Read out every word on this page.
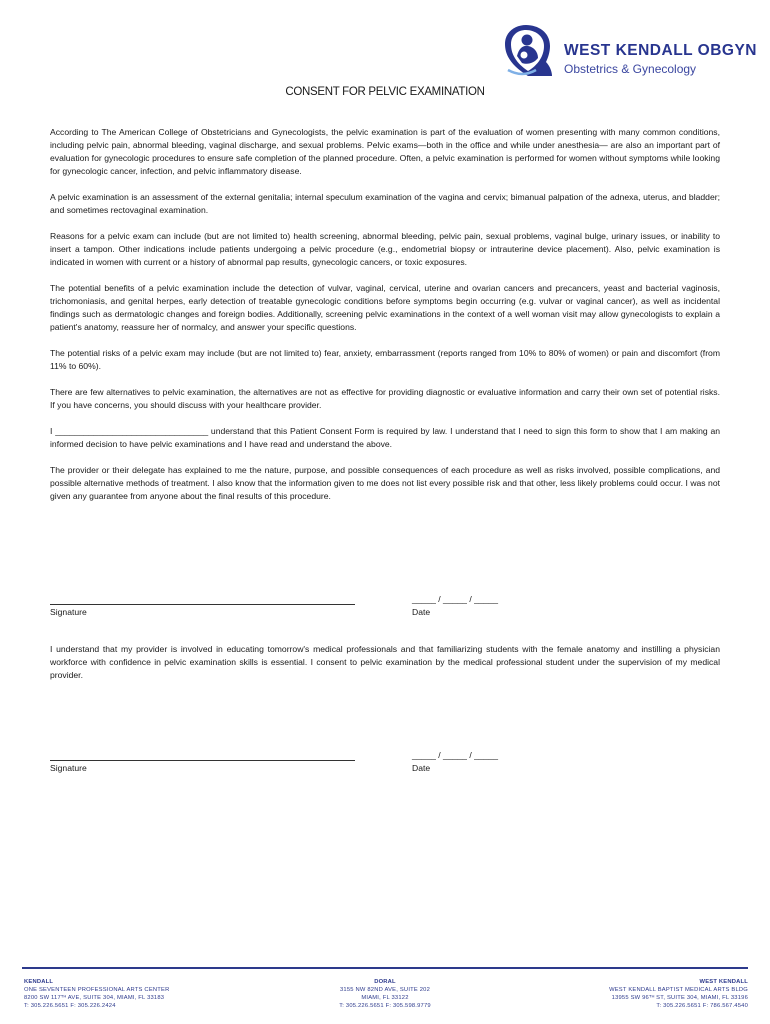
WEST KENDALL OBGYN
Obstetrics & Gynecology
CONSENT FOR PELVIC EXAMINATION

According to The American College of Obstetricians and Gynecologists, the pelvic examination is part of the evaluation of women presenting with many common conditions, including pelvic pain, abnormal bleeding, vaginal discharge, and sexual problems. Pelvic exams—both in the office and while under anesthesia— are also an important part of evaluation for gynecologic procedures to ensure safe completion of the planned procedure. Often, a pelvic examination is performed for women without symptoms while looking for gynecologic cancer, infection, and pelvic inflammatory disease.

A pelvic examination is an assessment of the external genitalia; internal speculum examination of the vagina and cervix; bimanual palpation of the adnexa, uterus, and bladder; and sometimes rectovaginal examination.

Reasons for a pelvic exam can include (but are not limited to) health screening, abnormal bleeding, pelvic pain, sexual problems, vaginal bulge, urinary issues, or inability to insert a tampon. Other indications include patients undergoing a pelvic procedure (e.g., endometrial biopsy or intrauterine device placement). Also, pelvic examination is indicated in women with current or a history of abnormal pap results, gynecologic cancers, or toxic exposures.

The potential benefits of a pelvic examination include the detection of vulvar, vaginal, cervical, uterine and ovarian cancers and precancers, yeast and bacterial vaginosis, trichomoniasis, and genital herpes, early detection of treatable gynecologic conditions before symptoms begin occurring (e.g. vulvar or vaginal cancer), as well as incidental findings such as dermatologic changes and foreign bodies. Additionally, screening pelvic examinations in the context of a well woman visit may allow gynecologists to explain a patient's anatomy, reassure her of normalcy, and answer your specific questions.

The potential risks of a pelvic exam may include (but are not limited to) fear, anxiety, embarrassment (reports ranged from 10% to 80% of women) or pain and discomfort (from 11% to 60%).

There are few alternatives to pelvic examination, the alternatives are not as effective for providing diagnostic or evaluative information and carry their own set of potential risks. If you have concerns, you should discuss with your healthcare provider.

I ________________________________ understand that this Patient Consent Form is required by law. I understand that I need to sign this form to show that I am making an informed decision to have pelvic examinations and I have read and understand the above.

The provider or their delegate has explained to me the nature, purpose, and possible consequences of each procedure as well as risks involved, possible complications, and possible alternative methods of treatment. I also know that the information given to me does not list every possible risk and that other, less likely problems could occur. I was not given any guarantee from anyone about the final results of this procedure.

Signature
_____ / _____ / _____
Date

I understand that my provider is involved in educating tomorrow's medical professionals and that familiarizing students with the female anatomy and instilling a physician workforce with confidence in pelvic examination skills is essential. I consent to pelvic examination by the medical professional student under the supervision of my medical provider.

Signature
_____ / _____ / _____
Date
KENDALL
ONE SEVENTEEN PROFESSIONAL ARTS CENTER
8200 SW 117ᵀᴴ AVE, SUITE 304, MIAMI, FL 33183
T: 305.226.5651 F: 305.226.2424
DORAL
3155 NW 82ND AVE, SUITE 202
MIAMI, FL 33122
T: 305.226.5651 F: 305.598.9779
WEST KENDALL
WEST KENDALL BAPTIST MEDICAL ARTS BLDG
13955 SW 96ᵀᴴ ST, SUITE 304, MIAMI, FL 33196
T: 305.226.5651 F: 786.567.4540
